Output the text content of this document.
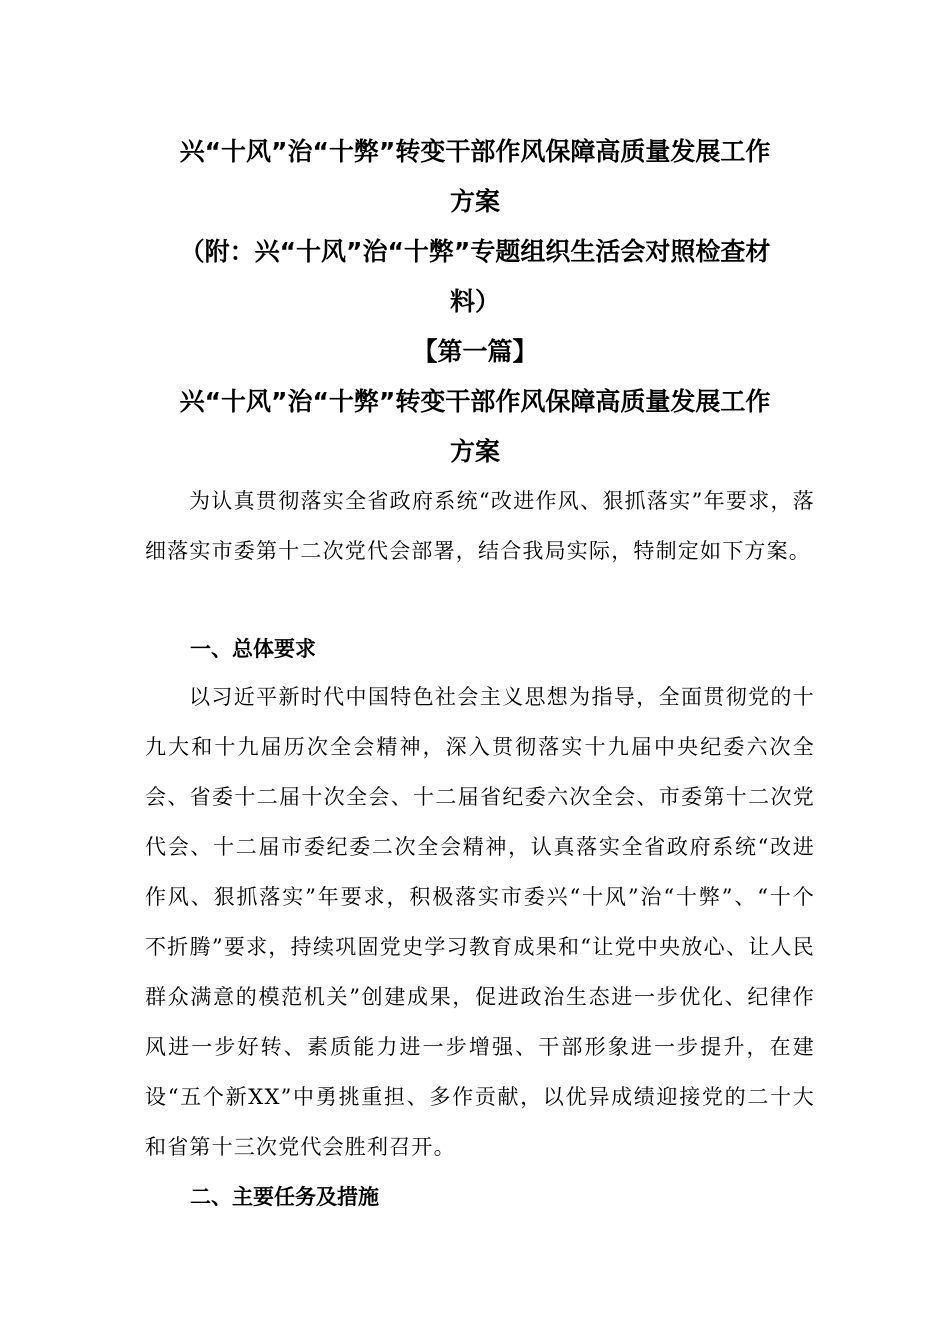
兴“十风”治“十弊”转变干部作风保障高质量发展工作
方案
（附：兴“十风”治“十弊”专题组织生活会对照检查材
料）
【第一篇】
兴“十风”治“十弊”转变干部作风保障高质量发展工作
方案
为认真贯彻落实全省政府系统“改进作风、狠抓落实”年要求，落细落实市委第十二次党代会部署，结合我局实际，特制定如下方案。
一、总体要求
以习近平新时代中国特色社会主义思想为指导，全面贯彻党的十九大和十九届历次全会精神，深入贯彻落实十九届中央纪委六次全会、省委十二届十次全会、十二届省纪委六次全会、市委第十二次党代会、十二届市委纪委二次全会精神，认真落实全省政府系统“改进作风、狠抓落实”年要求，积极落实市委兴“十风”治“十弊”、“十个不折腾”要求，持续巩固党史学习教育成果和“让党中央放心、让人民群众满意的模范机关”创建成果，促进政治生态进一步优化、纪律作风进一步好转、素质能力进一步增强、干部形象进一步提升，在建设“五个新XX”中勇挑重担、多作贡献，以优异成绩迎接党的二十大和省第十三次党代会胜利召开。
二、主要任务及措施
